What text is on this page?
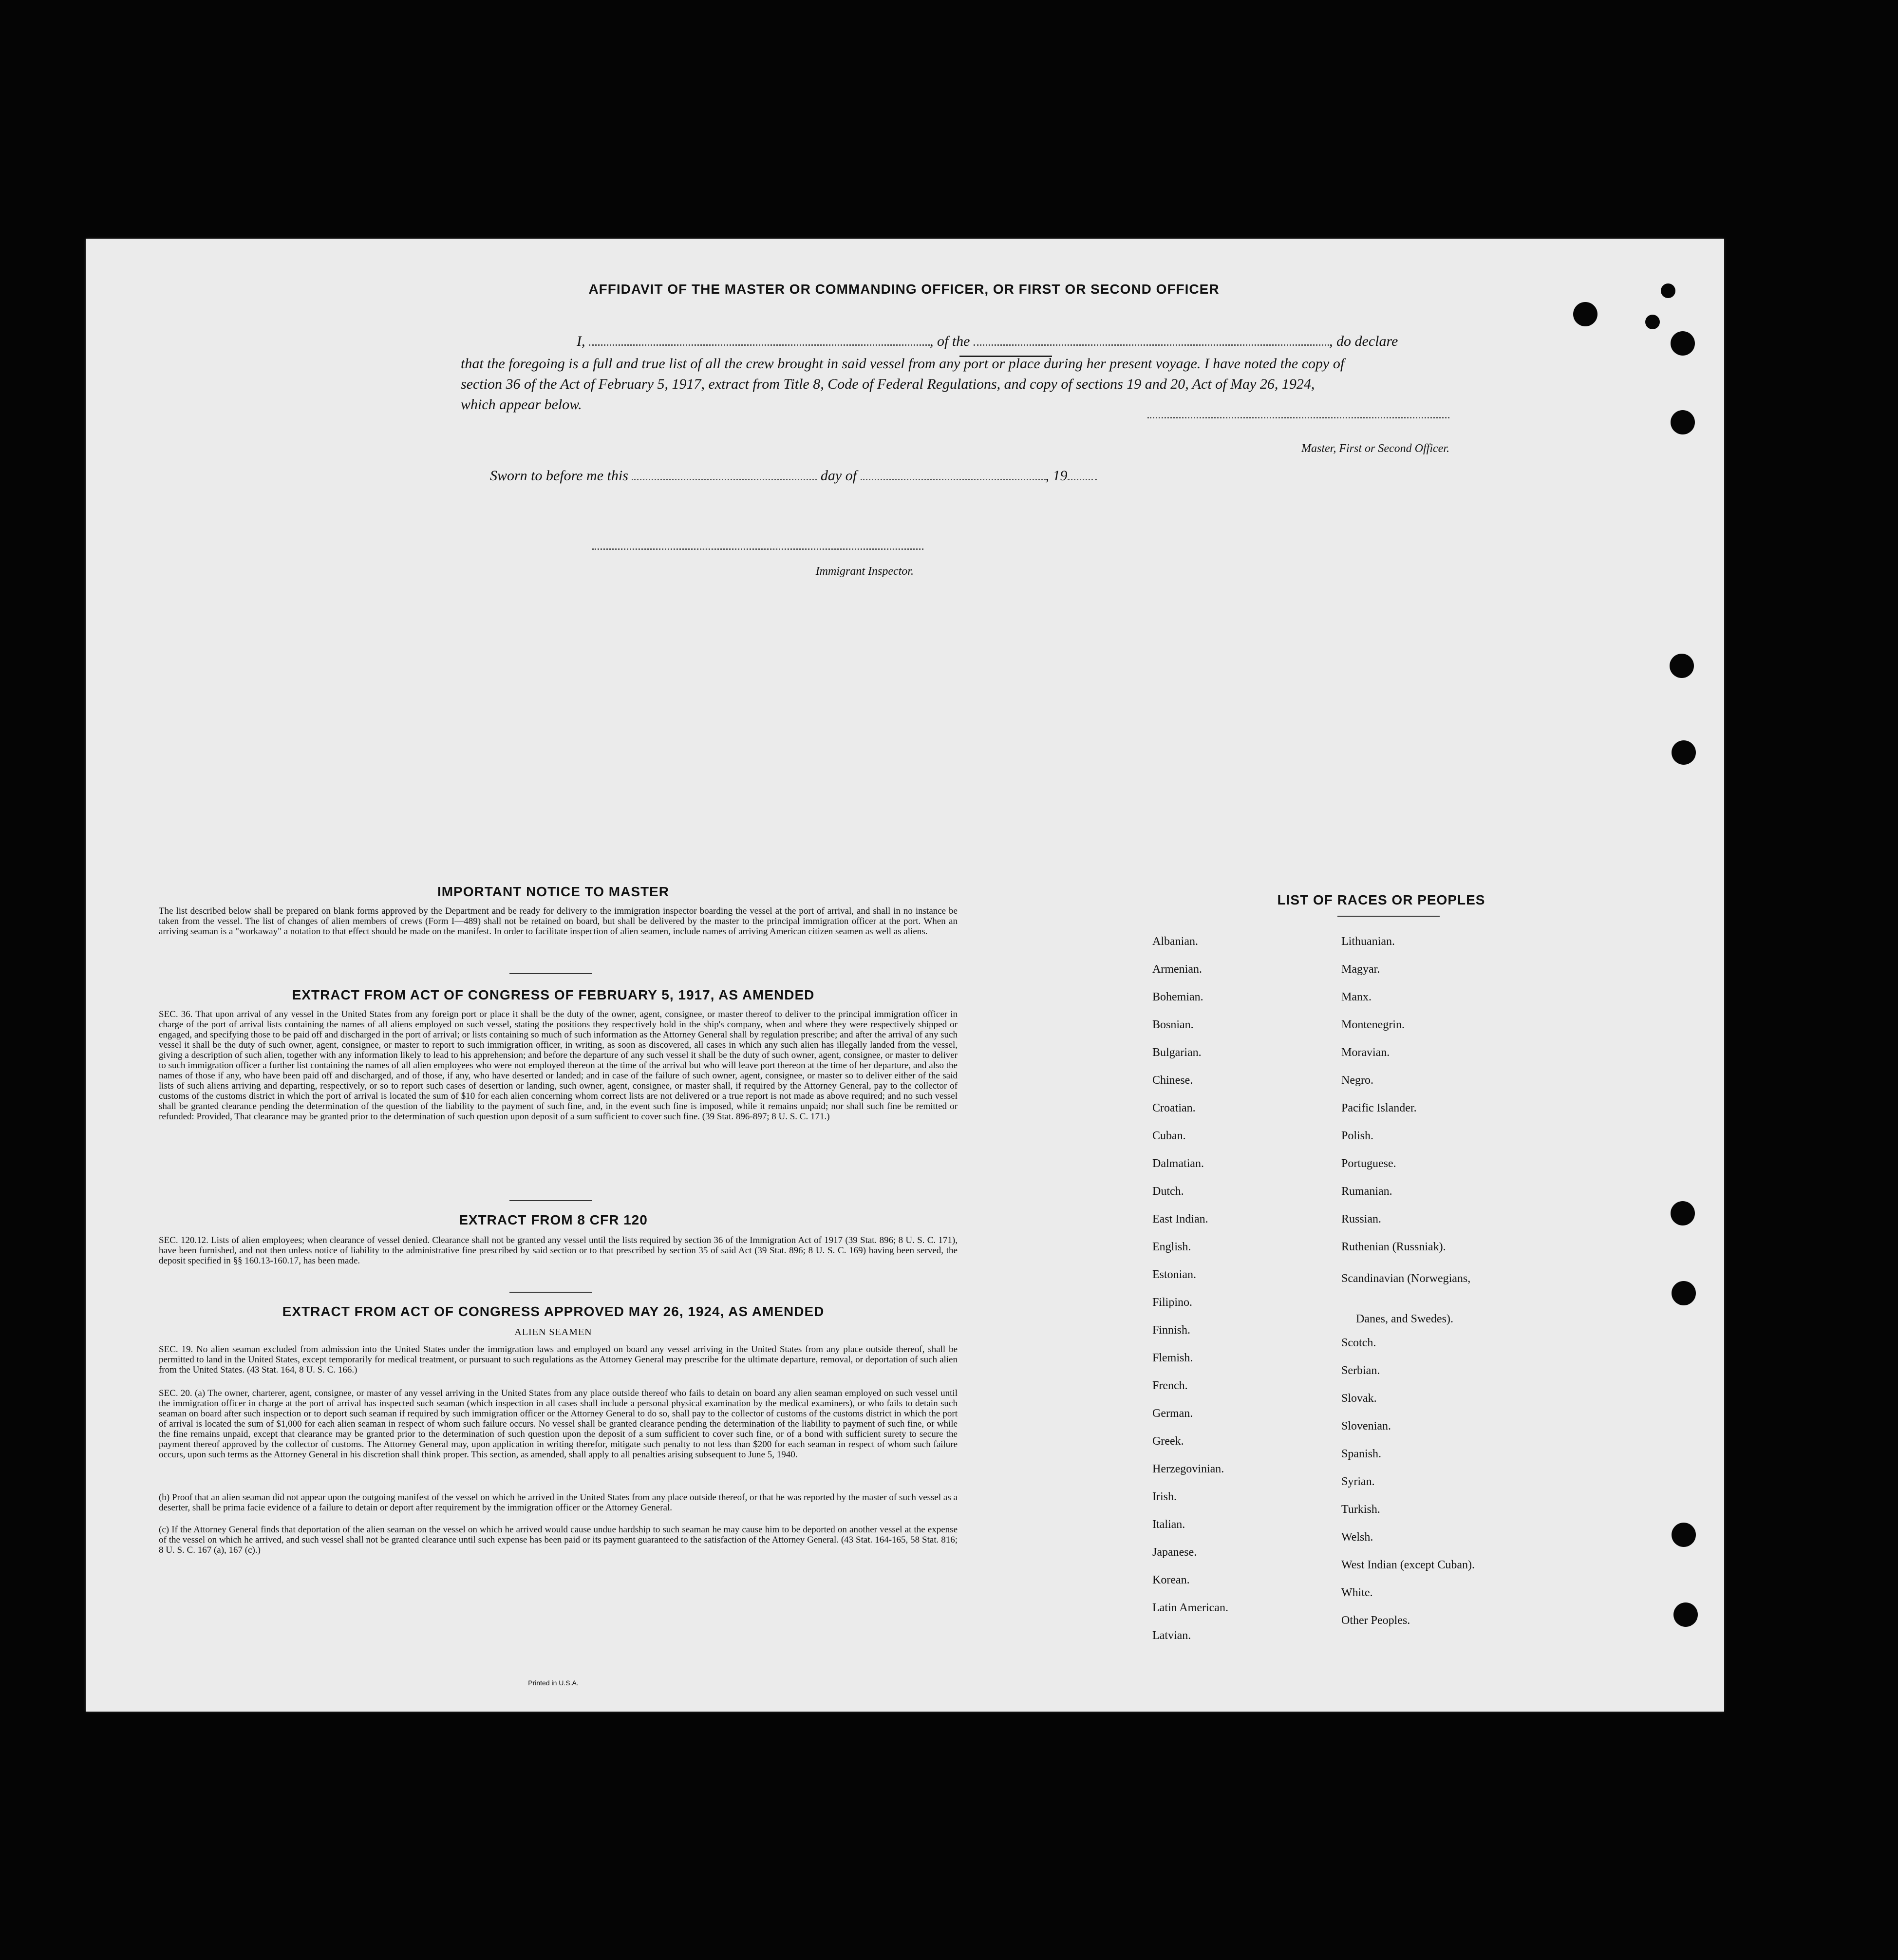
AFFIDAVIT OF THE MASTER OR COMMANDING OFFICER, OR FIRST OR SECOND OFFICER
I,	, of the	, do declare
that the foregoing is a full and true list of all the crew brought in said vessel from any port or place during her present voyage. I have noted the copy of section 36 of the Act of February 5, 1917, extract from Title 8, Code of Federal Regulations, and copy of sections 19 and 20, Act of May 26, 1924, which appear below.
Master, First or Second Officer.
Sworn to before me this	day of	, 19
Immigrant Inspector.
IMPORTANT NOTICE TO MASTER
The list described below shall be prepared on blank forms approved by the Department and be ready for delivery to the immigration inspector boarding the vessel at the port of arrival, and shall in no instance be taken from the vessel. The list of changes of alien members of crews (Form I—489) shall not be retained on board, but shall be delivered by the master to the principal immigration officer at the port. When an arriving seaman is a "workaway" a notation to that effect should be made on the manifest. In order to facilitate inspection of alien seamen, include names of arriving American citizen seamen as well as aliens.
EXTRACT FROM ACT OF CONGRESS OF FEBRUARY 5, 1917, AS AMENDED
SEC. 36. That upon arrival of any vessel in the United States from any foreign port or place it shall be the duty of the owner, agent, consignee, or master thereof to deliver to the principal immigration officer in charge of the port of arrival lists containing the names of all aliens employed on such vessel, stating the positions they respectively hold in the ship's company, when and where they were respectively shipped or engaged, and specifying those to be paid off and discharged in the port of arrival; or lists containing so much of such information as the Attorney General shall by regulation prescribe; and after the arrival of any such vessel it shall be the duty of such owner, agent, consignee, or master to report to such immigration officer, in writing, as soon as discovered, all cases in which any such alien has illegally landed from the vessel, giving a description of such alien, together with any information likely to lead to his apprehension; and before the departure of any such vessel it shall be the duty of such owner, agent, consignee, or master to deliver to such immigration officer a further list containing the names of all alien employees who were not employed thereon at the time of the arrival but who will leave port thereon at the time of her departure, and also the names of those if any, who have been paid off and discharged, and of those, if any, who have deserted or landed; and in case of the failure of such owner, agent, consignee, or master so to deliver either of the said lists of such aliens arriving and departing, respectively, or so to report such cases of desertion or landing, such owner, agent, consignee, or master shall, if required by the Attorney General, pay to the collector of customs of the customs district in which the port of arrival is located the sum of $10 for each alien concerning whom correct lists are not delivered or a true report is not made as above required; and no such vessel shall be granted clearance pending the determination of the question of the liability to the payment of such fine, and, in the event such fine is imposed, while it remains unpaid; nor shall such fine be remitted or refunded: Provided, That clearance may be granted prior to the determination of such question upon deposit of a sum sufficient to cover such fine. (39 Stat. 896-897; 8 U. S. C. 171.)
EXTRACT FROM 8 CFR 120
SEC. 120.12. Lists of alien employees; when clearance of vessel denied. Clearance shall not be granted any vessel until the lists required by section 36 of the Immigration Act of 1917 (39 Stat. 896; 8 U. S. C. 171), have been furnished, and not then unless notice of liability to the administrative fine prescribed by said section or to that prescribed by section 35 of said Act (39 Stat. 896; 8 U. S. C. 169) having been served, the deposit specified in §§ 160.13-160.17, has been made.
EXTRACT FROM ACT OF CONGRESS APPROVED MAY 26, 1924, AS AMENDED
ALIEN SEAMEN
SEC. 19. No alien seaman excluded from admission into the United States under the immigration laws and employed on board any vessel arriving in the United States from any place outside thereof, shall be permitted to land in the United States, except temporarily for medical treatment, or pursuant to such regulations as the Attorney General may prescribe for the ultimate departure, removal, or deportation of such alien from the United States. (43 Stat. 164, 8 U. S. C. 166.)
SEC. 20. (a) The owner, charterer, agent, consignee, or master of any vessel arriving in the United States from any place outside thereof who fails to detain on board any alien seaman employed on such vessel until the immigration officer in charge at the port of arrival has inspected such seaman (which inspection in all cases shall include a personal physical examination by the medical examiners), or who fails to detain such seaman on board after such inspection or to deport such seaman if required by such immigration officer or the Attorney General to do so, shall pay to the collector of customs of the customs district in which the port of arrival is located the sum of $1,000 for each alien seaman in respect of whom such failure occurs. No vessel shall be granted clearance pending the determination of the liability to payment of such fine, or while the fine remains unpaid, except that clearance may be granted prior to the determination of such question upon the deposit of a sum sufficient to cover such fine, or of a bond with sufficient surety to secure the payment thereof approved by the collector of customs. The Attorney General may, upon application in writing therefor, mitigate such penalty to not less than $200 for each seaman in respect of whom such failure occurs, upon such terms as the Attorney General in his discretion shall think proper. This section, as amended, shall apply to all penalties arising subsequent to June 5, 1940.
(b) Proof that an alien seaman did not appear upon the outgoing manifest of the vessel on which he arrived in the United States from any place outside thereof, or that he was reported by the master of such vessel as a deserter, shall be prima facie evidence of a failure to detain or deport after requirement by the immigration officer or the Attorney General.
(c) If the Attorney General finds that deportation of the alien seaman on the vessel on which he arrived would cause undue hardship to such seaman he may cause him to be deported on another vessel at the expense of the vessel on which he arrived, and such vessel shall not be granted clearance until such expense has been paid or its payment guaranteed to the satisfaction of the Attorney General. (43 Stat. 164-165, 58 Stat. 816; 8 U. S. C. 167 (a), 167 (c).)
Printed in U.S.A.
LIST OF RACES OR PEOPLES
Albanian.
Armenian.
Bohemian.
Bosnian.
Bulgarian.
Chinese.
Croatian.
Cuban.
Dalmatian.
Dutch.
East Indian.
English.
Estonian.
Filipino.
Finnish.
Flemish.
French.
German.
Greek.
Herzegovinian.
Irish.
Italian.
Japanese.
Korean.
Latin American.
Latvian.
Lithuanian.
Magyar.
Manx.
Montenegrin.
Moravian.
Negro.
Pacific Islander.
Polish.
Portuguese.
Rumanian.
Russian.
Ruthenian (Russniak).
Scandinavian (Norwegians,
Danes, and Swedes).
Scotch.
Serbian.
Slovak.
Slovenian.
Spanish.
Syrian.
Turkish.
Welsh.
West Indian (except Cuban).
White.
Other Peoples.
